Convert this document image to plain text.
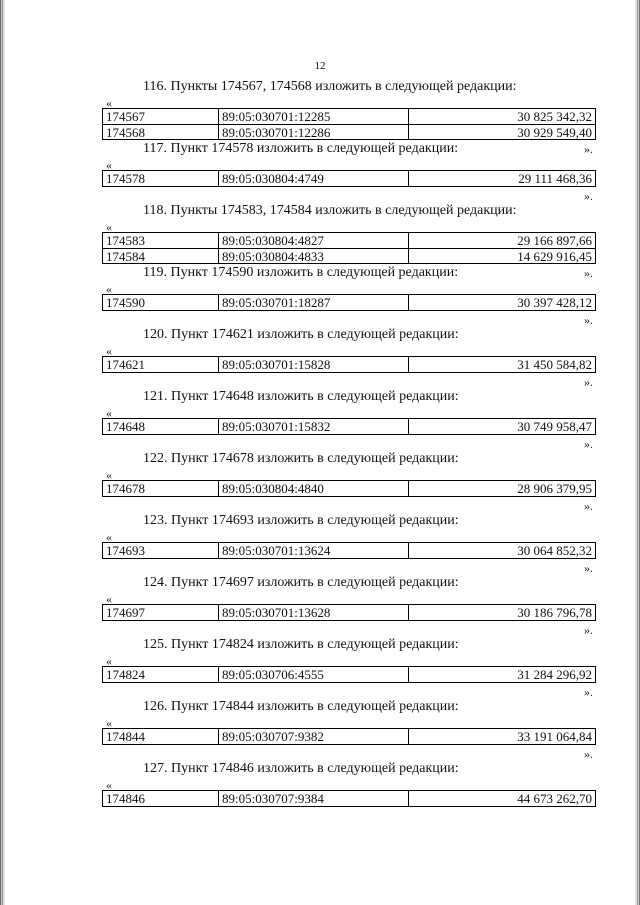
12
116. Пункты 174567, 174568 изложить в следующей редакции:
«
174567	89:05:030701:12285	30 825 342,32
174568	89:05:030701:12286	30 929 549,40
».
117. Пункт 174578 изложить в следующей редакции:
«
174578	89:05:030804:4749	29 111 468,36
».
118. Пункты 174583, 174584 изложить в следующей редакции:
«
174583	89:05:030804:4827	29 166 897,66
174584	89:05:030804:4833	14 629 916,45
».
119. Пункт 174590 изложить в следующей редакции:
«
174590	89:05:030701:18287	30 397 428,12
».
120. Пункт 174621 изложить в следующей редакции:
«
174621	89:05:030701:15828	31 450 584,82
».
121. Пункт 174648 изложить в следующей редакции:
«
174648	89:05:030701:15832	30 749 958,47
».
122. Пункт 174678 изложить в следующей редакции:
«
174678	89:05:030804:4840	28 906 379,95
».
123. Пункт 174693 изложить в следующей редакции:
«
174693	89:05:030701:13624	30 064 852,32
».
124. Пункт 174697 изложить в следующей редакции:
«
174697	89:05:030701:13628	30 186 796,78
».
125. Пункт 174824 изложить в следующей редакции:
«
174824	89:05:030706:4555	31 284 296,92
».
126. Пункт 174844 изложить в следующей редакции:
«
174844	89:05:030707:9382	33 191 064,84
».
127. Пункт 174846 изложить в следующей редакции:
«
174846	89:05:030707:9384	44 673 262,70
